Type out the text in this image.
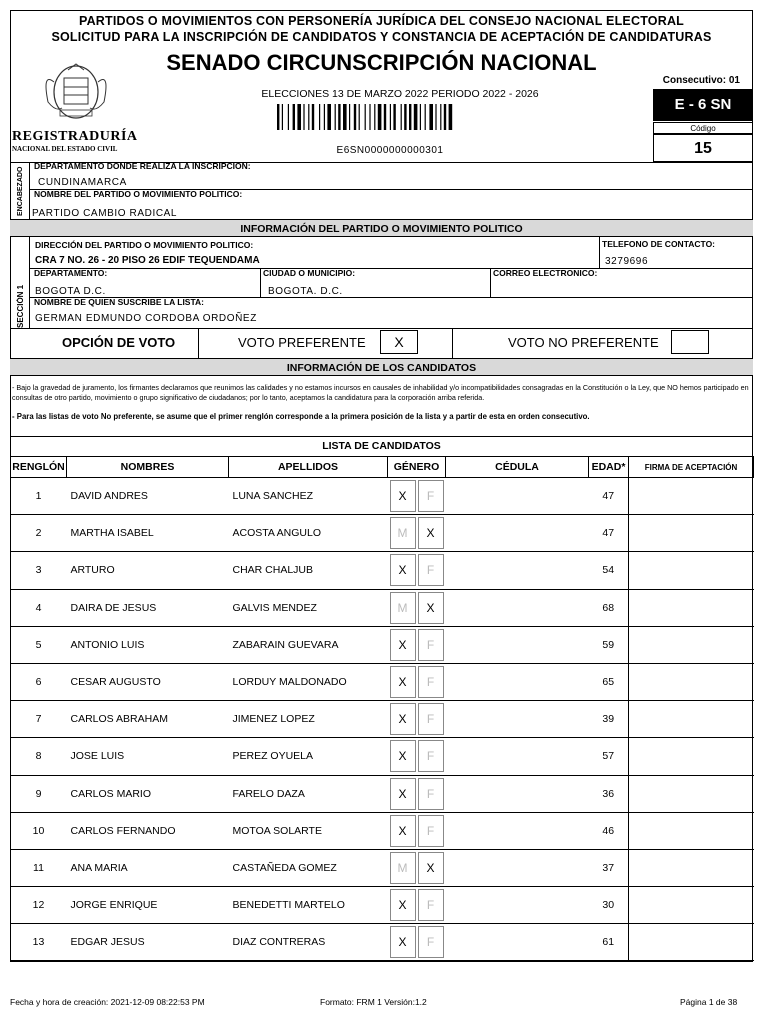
PARTIDOS O MOVIMIENTOS CON PERSONERÍA JURÍDICA DEL CONSEJO NACIONAL ELECTORAL
SOLICITUD PARA LA INSCRIPCIÓN DE CANDIDATOS Y CONSTANCIA DE ACEPTACIÓN DE CANDIDATURAS
SENADO CIRCUNSCRIPCIÓN NACIONAL
REGISTRADURÍA
NACIONAL DEL ESTADO CIVIL
ELECCIONES 13 DE MARZO 2022 PERIODO 2022 - 2026
E6SN0000000000301
Consecutivo: 01
E - 6 SN
Código
15
ENCABEZADO
DEPARTAMENTO DONDE REALIZA LA INSCRIPCION:
CUNDINAMARCA
NOMBRE DEL PARTIDO O MOVIMIENTO POLITICO:
PARTIDO CAMBIO RADICAL
INFORMACIÓN DEL PARTIDO O MOVIMIENTO POLITICO
SECCIÓN 1
DIRECCIÓN DEL PARTIDO O MOVIMIENTO POLITICO:
CRA 7 NO. 26 - 20 PISO 26 EDIF TEQUENDAMA
TELEFONO DE CONTACTO:
3279696
DEPARTAMENTO:
BOGOTA D.C.
CIUDAD O MUNICIPIO:
BOGOTA. D.C.
CORREO ELECTRONICO:
NOMBRE DE QUIEN SUSCRIBE LA LISTA:
GERMAN EDMUNDO CORDOBA ORDOÑEZ
OPCIÓN DE VOTO	VOTO PREFERENTE	X	VOTO NO PREFERENTE
INFORMACIÓN DE LOS CANDIDATOS
- Bajo la gravedad de juramento, los firmantes declaramos que reunimos las calidades y no estamos incursos en causales de inhabilidad y/o incompatibilidades consagradas en la Constitución o la Ley, que NO hemos participado en consultas de otro partido, movimiento o grupo significativo de ciudadanos; por lo tanto, aceptamos la candidatura para la corporación arriba referida.
- Para las listas de voto No preferente, se asume que el primer renglón corresponde a la primera posición de la lista y a partir de esta en orden consecutivo.
LISTA DE CANDIDATOS
RENGLÓN	NOMBRES	APELLIDOS	GÉNERO	CÉDULA	EDAD*	FIRMA DE ACEPTACIÓN
1	DAVID ANDRES	LUNA SANCHEZ	X F		47	
2	MARTHA ISABEL	ACOSTA ANGULO	M X		47	
3	ARTURO	CHAR CHALJUB	X F		54	
4	DAIRA DE JESUS	GALVIS MENDEZ	M X		68	
5	ANTONIO LUIS	ZABARAIN GUEVARA	X F		59	
6	CESAR AUGUSTO	LORDUY MALDONADO	X F		65	
7	CARLOS ABRAHAM	JIMENEZ LOPEZ	X F		39	
8	JOSE LUIS	PEREZ OYUELA	X F		57	
9	CARLOS MARIO	FARELO DAZA	X F		36	
10	CARLOS FERNANDO	MOTOA SOLARTE	X F		46	
11	ANA MARIA	CASTAÑEDA GOMEZ	M X		37	
12	JORGE ENRIQUE	BENEDETTI MARTELO	X F		30	
13	EDGAR JESUS	DIAZ CONTRERAS	X F		61	
Fecha y hora de creación: 2021-12-09 08:22:53 PM	Formato: FRM 1 Versión:1.2	Página 1 de 38
